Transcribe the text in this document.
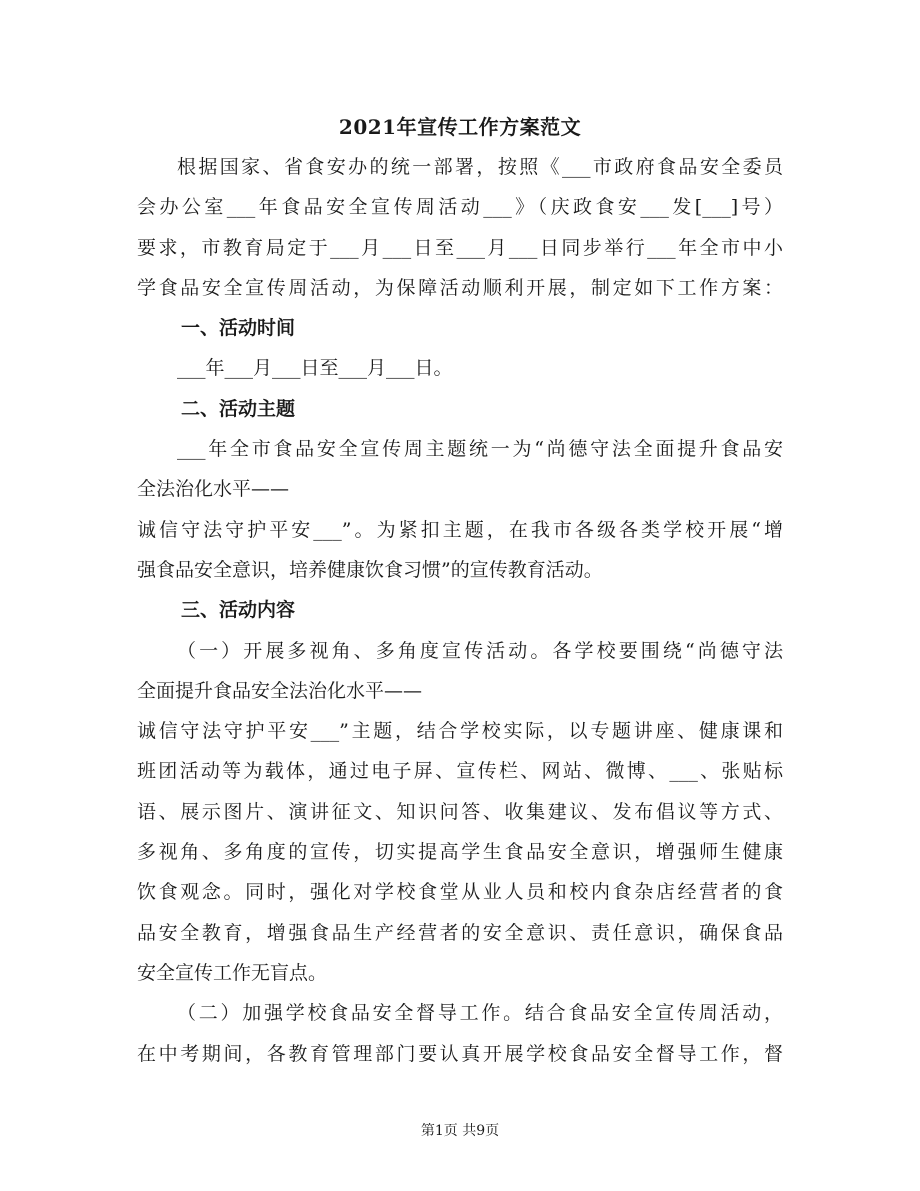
2021年宣传工作方案范文
根据国家、省食安办的统一部署，按照《___市政府食品安全委员
会办公室___年食品安全宣传周活动___》（庆政食安___发[___]号）
要求，市教育局定于___月___日至___月___日同步举行___年全市中小
学食品安全宣传周活动，为保障活动顺利开展，制定如下工作方案：
一、活动时间
___年___月___日至___月___日。
二、活动主题
___年全市食品安全宣传周主题统一为“尚德守法全面提升食品安
全法治化水平——
诚信守法守护平安___”。为紧扣主题，在我市各级各类学校开展“增
强食品安全意识，培养健康饮食习惯”的宣传教育活动。
三、活动内容
（一）开展多视角、多角度宣传活动。各学校要围绕“尚德守法
全面提升食品安全法治化水平——
诚信守法守护平安___”主题，结合学校实际，以专题讲座、健康课和
班团活动等为载体，通过电子屏、宣传栏、网站、微博、___、张贴标
语、展示图片、演讲征文、知识问答、收集建议、发布倡议等方式、
多视角、多角度的宣传，切实提高学生食品安全意识，增强师生健康
饮食观念。同时，强化对学校食堂从业人员和校内食杂店经营者的食
品安全教育，增强食品生产经营者的安全意识、责任意识，确保食品
安全宣传工作无盲点。
（二）加强学校食品安全督导工作。结合食品安全宣传周活动，
在中考期间，各教育管理部门要认真开展学校食品安全督导工作，督
第1页 共9页
